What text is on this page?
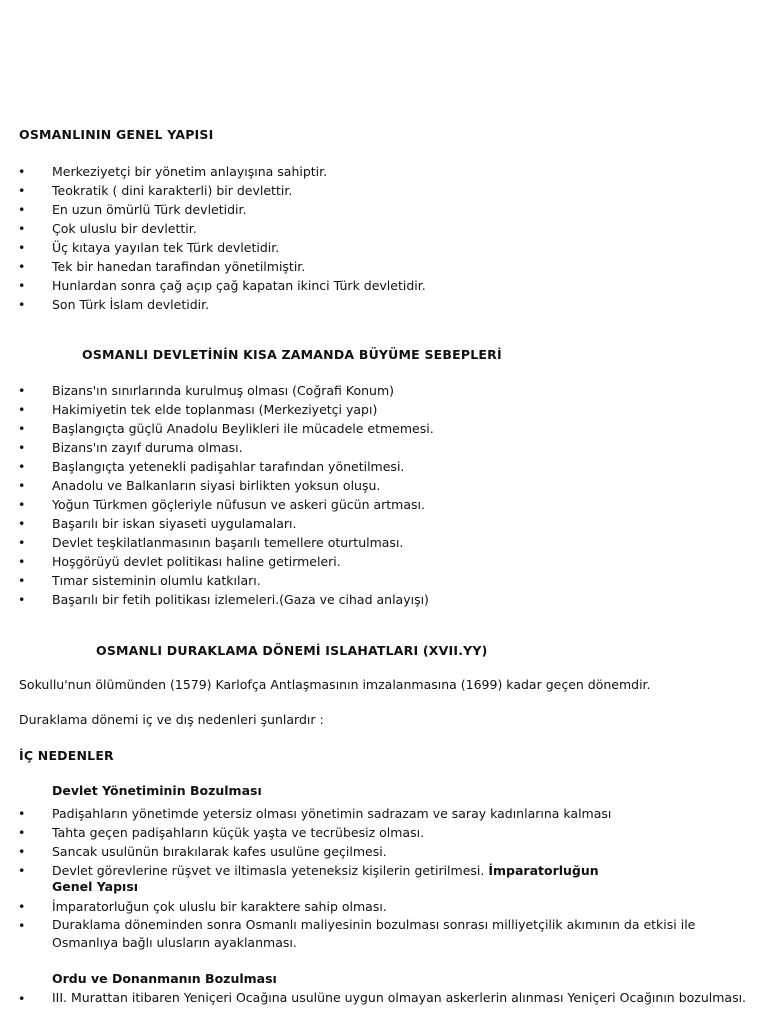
OSMANLININ GENEL YAPISI
• Merkeziyetçi bir yönetim anlayışına sahiptir.
• Teokratik ( dini karakterli) bir devlettir.
• En uzun ömürlü Türk devletidir.
• Çok uluslu bir devlettir.
• Üç kıtaya yayılan tek Türk devletidir.
• Tek bir hanedan tarafindan yönetilmiştir.
• Hunlardan sonra çağ açıp çağ kapatan ikinci Türk devletidir.
• Son Türk İslam devletidir.
OSMANLI DEVLETİNİN KISA ZAMANDA BÜYÜME SEBEPLERİ
• Bizans'ın sınırlarında kurulmuş olması (Coğrafi Konum)
• Hakimiyetin tek elde toplanması (Merkeziyetçi yapı)
• Başlangıçta güçlü Anadolu Beylikleri ile mücadele etmemesi.
• Bizans'ın zayıf duruma olması.
• Başlangıçta yetenekli padişahlar tarafından yönetilmesi.
• Anadolu ve Balkanların siyasi birlikten yoksun oluşu.
• Yoğun Türkmen göçleriyle nüfusun ve askeri gücün artması.
• Başarılı bir iskan siyaseti uygulamaları.
• Devlet teşkilatlanmasının başarılı temellere oturtulması.
• Hoşgörüyü devlet politikası haline getirmeleri.
• Tımar sisteminin olumlu katkıları.
• Başarılı bir fetih politikası izlemeleri.(Gaza ve cihad anlayışı)
OSMANLI DURAKLAMA DÖNEMİ ISLAHATLARI (XVII.YY)
Sokullu'nun ölümünden (1579) Karlofça Antlaşmasının imzalanmasına (1699) kadar geçen dönemdir.
Duraklama dönemi iç ve dış nedenleri şunlardır :
İÇ NEDENLER
Devlet Yönetiminin Bozulması
• Padişahların yönetimde yetersiz olması yönetimin sadrazam ve saray kadınlarına kalması
• Tahta geçen padişahların küçük yaşta ve tecrübesiz olması.
• Sancak usulünün bırakılarak kafes usulüne geçilmesi.
• Devlet görevlerine rüşvet ve iltimasla yeteneksiz kişilerin getirilmesi. İmparatorluğun
Genel Yapısı
• İmparatorluğun çok uluslu bir karaktere sahip olması.
• Duraklama döneminden sonra Osmanlı maliyesinin bozulması sonrası milliyetçilik akımının da etkisi ile Osmanlıya bağlı ulusların ayaklanması.
Ordu ve Donanmanın Bozulması
• III. Murattan itibaren Yeniçeri Ocağına usulüne uygun olmayan askerlerin alınması Yeniçeri Ocağının bozulması.
